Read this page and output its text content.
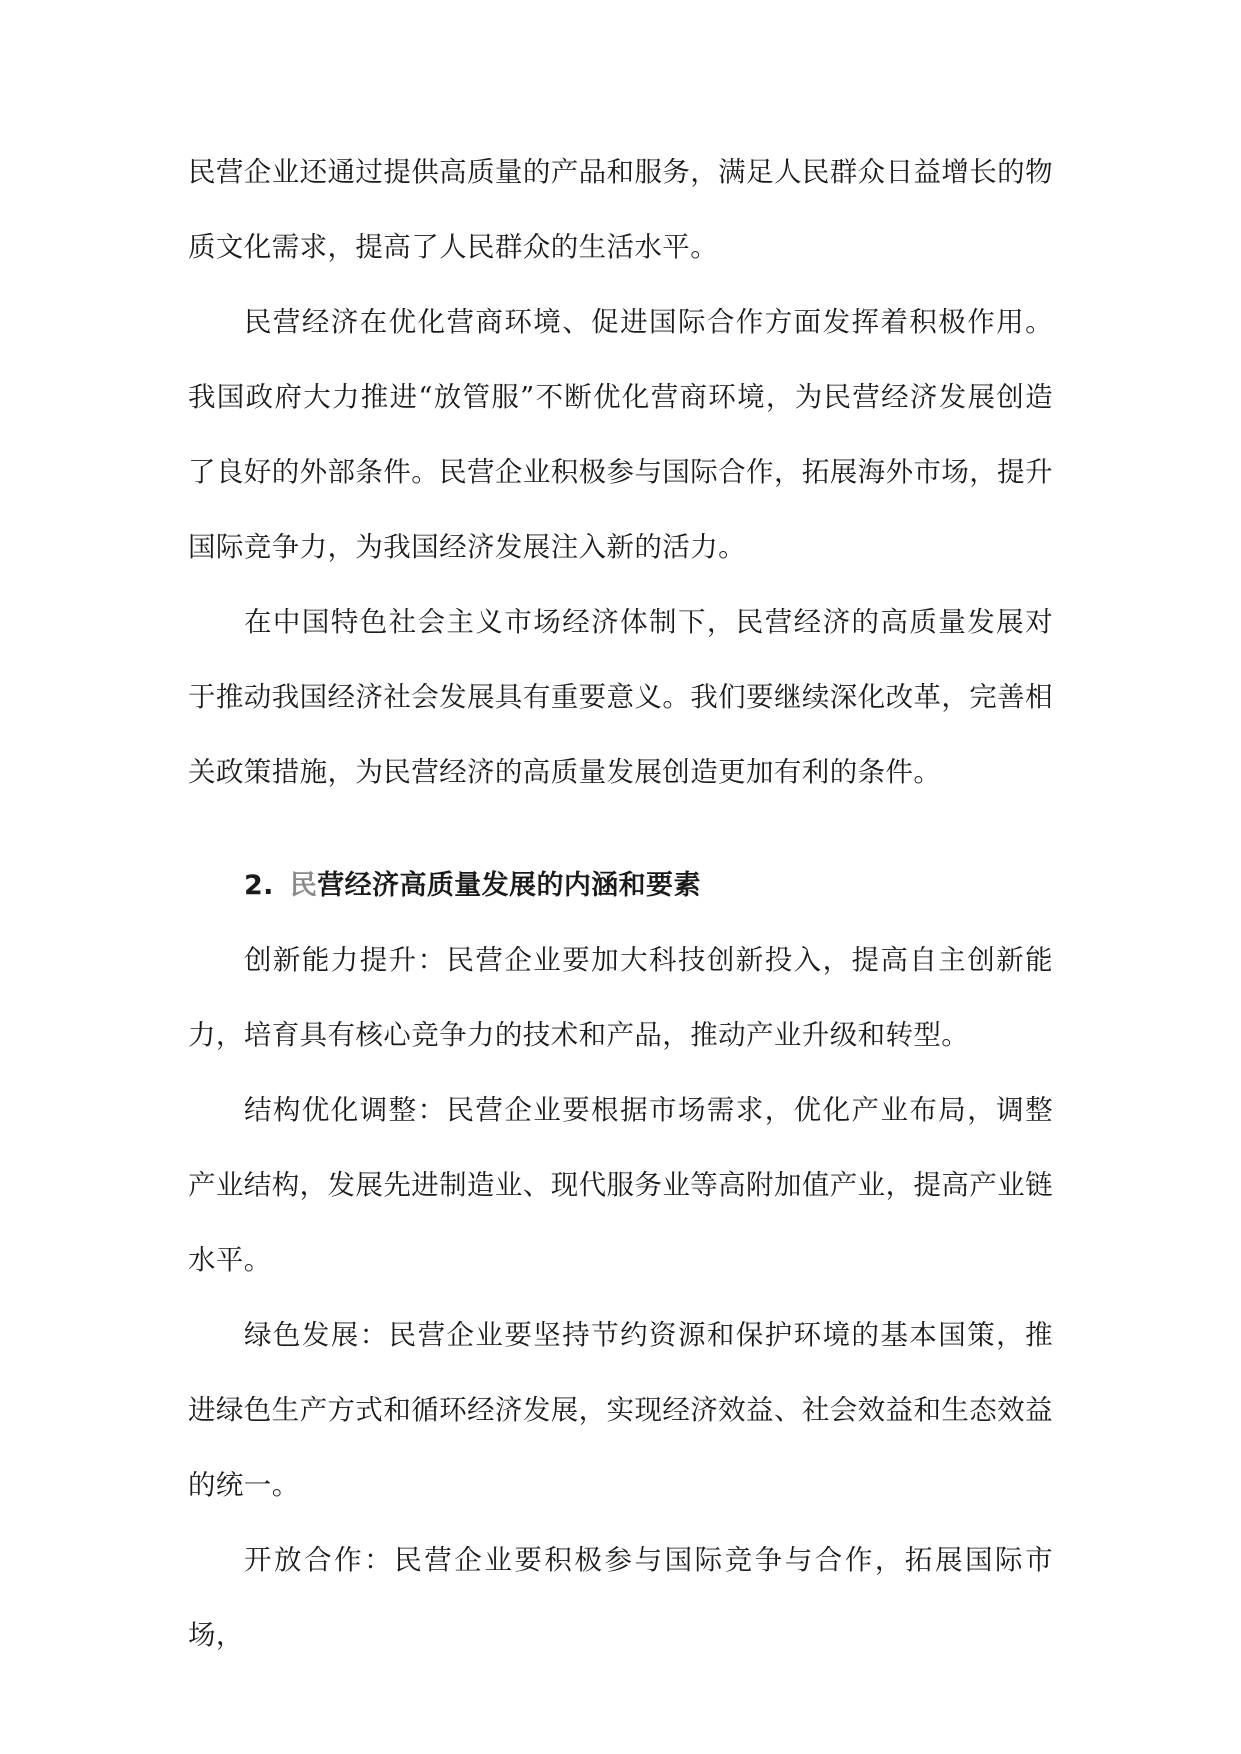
民营企业还通过提供高质量的产品和服务，满足人民群众日益增长的物质文化需求，提高了人民群众的生活水平。

民营经济在优化营商环境、促进国际合作方面发挥着积极作用。我国政府大力推进“放管服”不断优化营商环境，为民营经济发展创造了良好的外部条件。民营企业积极参与国际合作，拓展海外市场，提升国际竞争力，为我国经济发展注入新的活力。

在中国特色社会主义市场经济体制下，民营经济的高质量发展对于推动我国经济社会发展具有重要意义。我们要继续深化改革，完善相关政策措施，为民营经济的高质量发展创造更加有利的条件。

2. 民营经济高质量发展的内涵和要素

创新能力提升：民营企业要加大科技创新投入，提高自主创新能力，培育具有核心竞争力的技术和产品，推动产业升级和转型。

结构优化调整：民营企业要根据市场需求，优化产业布局，调整产业结构，发展先进制造业、现代服务业等高附加值产业，提高产业链水平。

绿色发展：民营企业要坚持节约资源和保护环境的基本国策，推进绿色生产方式和循环经济发展，实现经济效益、社会效益和生态效益的统一。

开放合作：民营企业要积极参与国际竞争与合作，拓展国际市场，
